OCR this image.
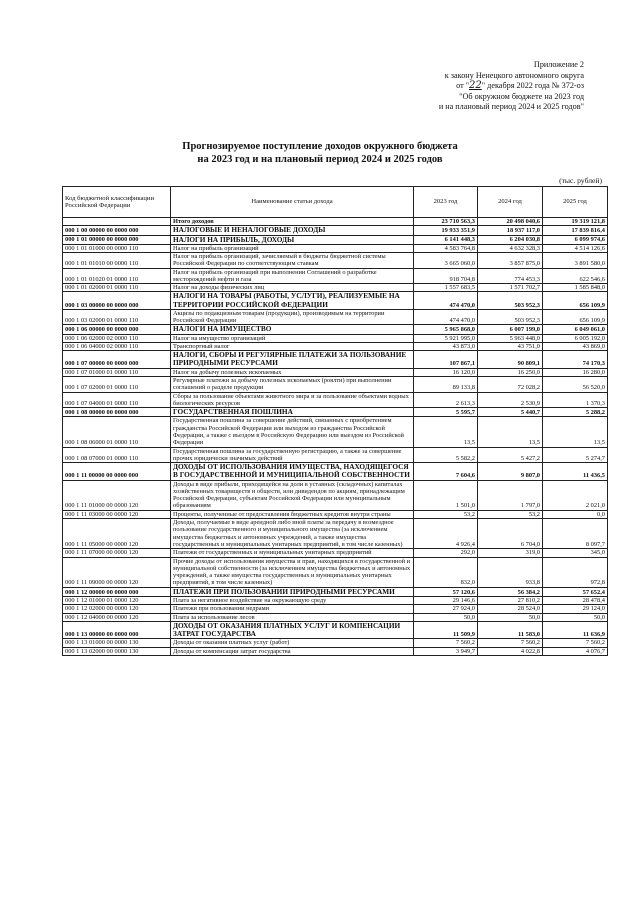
Приложение 2
к закону Ненецкого автономного округа
от "22" декабря 2022 года № 372-оз
"Об окружном бюджете на 2023 год
и на плановый период 2024 и 2025 годов"
Прогнозируемое поступление доходов окружного бюджета
на 2023 год и на плановый период 2024 и 2025 годов
(тыс. рублей)
Код бюджетной классификации Российской Федерации	Наименование статьи дохода	2023 год	2024 год	2025 год
	Итого доходов	23 710 563,3	20 498 040,6	19 319 121,8
000 1 00 00000 00 0000 000	НАЛОГОВЫЕ И НЕНАЛОГОВЫЕ ДОХОДЫ	19 933 351,9	18 937 117,0	17 839 816,4
000 1 01 00000 00 0000 000	НАЛОГИ НА ПРИБЫЛЬ, ДОХОДЫ	6 141 448,3	6 204 030,8	6 099 974,6
000 1 01 01000 00 0000 110	Налог на прибыль организаций	4 583 764,8	4 632 328,3	4 514 126,6
000 1 01 01010 00 0000 110	Налог на прибыль организаций, зачисляемый в бюджеты бюджетной системы Российской Федерации по соответствующим ставкам	3 665 060,0	3 857 875,0	3 891 580,0
000 1 01 01020 01 0000 110	Налог на прибыль организаций при выполнении Соглашений о разработке месторождений нефти и газа	918 704,8	774 453,3	622 546,6
000 1 01 02000 01 0000 110	Налог на доходы физических лиц	1 557 683,5	1 571 702,7	1 585 848,0
000 1 03 00000 00 0000 000	НАЛОГИ НА ТОВАРЫ (РАБОТЫ, УСЛУГИ), РЕАЛИЗУЕМЫЕ НА ТЕРРИТОРИИ РОССИЙСКОЙ ФЕДЕРАЦИИ	474 470,0	503 952,3	656 109,9
000 1 03 02000 01 0000 110	Акцизы по подакцизным товарам (продукции), производимым на территории Российской Федерации	474 470,0	503 952,3	656 109,9
000 1 06 00000 00 0000 000	НАЛОГИ НА ИМУЩЕСТВО	5 965 868,0	6 007 199,0	6 049 061,0
000 1 06 02000 02 0000 110	Налог на имущество организаций	5 921 995,0	5 963 448,0	6 005 192,0
000 1 06 04000 02 0000 110	Транспортный налог	43 873,0	43 751,0	43 869,0
000 1 07 00000 00 0000 000	НАЛОГИ, СБОРЫ И РЕГУЛЯРНЫЕ ПЛАТЕЖИ ЗА ПОЛЬЗОВАНИЕ ПРИРОДНЫМИ РЕСУРСАМИ	107 867,1	90 809,1	74 170,3
000 1 07 01000 01 0000 110	Налог на добычу полезных ископаемых	16 120,0	16 250,0	16 280,0
000 1 07 02000 01 0000 110	Регулярные платежи за добычу полезных ископаемых (роялти) при выполнении соглашений о разделе продукции	89 133,8	72 028,2	56 520,0
000 1 07 04000 01 0000 110	Сборы за пользование объектами животного мира и за пользование объектами водных биологических ресурсов	2 613,3	2 530,9	1 370,3
000 1 08 00000 00 0000 000	ГОСУДАРСТВЕННАЯ ПОШЛИНА	5 595,7	5 440,7	5 288,2
000 1 08 06000 01 0000 110	Государственная пошлина за совершение действий, связанных с приобретением гражданства Российской Федерации или выходом из гражданства Российской Федерации, а также с въездом в Российскую Федерацию или выездом из Российской Федерации	13,5	13,5	13,5
000 1 08 07000 01 0000 110	Государственная пошлина за государственную регистрацию, а также за совершение прочих юридически значимых действий	5 582,2	5 427,2	5 274,7
000 1 11 00000 00 0000 000	ДОХОДЫ ОТ ИСПОЛЬЗОВАНИЯ ИМУЩЕСТВА, НАХОДЯЩЕГОСЯ В ГОСУДАРСТВЕННОЙ И МУНИЦИПАЛЬНОЙ СОБСТВЕННОСТИ	7 604,6	9 807,0	11 436,5
000 1 11 01000 00 0000 120	Доходы в виде прибыли, приходящейся на доли в уставных (складочных) капиталах хозяйственных товариществ и обществ, или дивидендов по акциям, принадлежащим Российской Федерации, субъектам Российской Федерации или муниципальным образованиям	1 501,0	1 797,0	2 021,0
000 1 11 03000 00 0000 120	Проценты, полученные от предоставления бюджетных кредитов внутри страны	53,2	53,2	0,0
000 1 11 05000 00 0000 120	Доходы, получаемые в виде арендной либо иной платы за передачу в возмездное пользование государственного и муниципального имущества (за исключением имущества бюджетных и автономных учреждений, а также имущества государственных и муниципальных унитарных предприятий, в том числе казенных)	4 926,4	6 704,0	8 097,7
000 1 11 07000 00 0000 120	Платежи от государственных и муниципальных унитарных предприятий	292,0	319,0	345,0
000 1 11 09000 00 0000 120	Прочие доходы от использования имущества и прав, находящихся в государственной и муниципальной собственности (за исключением имущества бюджетных и автономных учреждений, а также имущества государственных и муниципальных унитарных предприятий, в том числе казенных)	832,0	933,8	972,8
000 1 12 00000 00 0000 000	ПЛАТЕЖИ ПРИ ПОЛЬЗОВАНИИ ПРИРОДНЫМИ РЕСУРСАМИ	57 120,6	56 384,2	57 652,4
000 1 12 01000 01 0000 120	Плата за негативное воздействие на окружающую среду	29 146,6	27 810,2	28 478,4
000 1 12 02000 00 0000 120	Платежи при пользовании недрами	27 924,0	28 524,0	29 124,0
000 1 12 04000 00 0000 120	Плата за использование лесов	50,0	50,0	50,0
000 1 13 00000 00 0000 000	ДОХОДЫ ОТ ОКАЗАНИЯ ПЛАТНЫХ УСЛУГ И КОМПЕНСАЦИИ ЗАТРАТ ГОСУДАРСТВА	11 509,9	11 583,0	11 636,9
000 1 13 01000 00 0000 130	Доходы от оказания платных услуг (работ)	7 560,2	7 560,2	7 560,2
000 1 13 02000 00 0000 130	Доходы от компенсации затрат государства	3 949,7	4 022,8	4 076,7
